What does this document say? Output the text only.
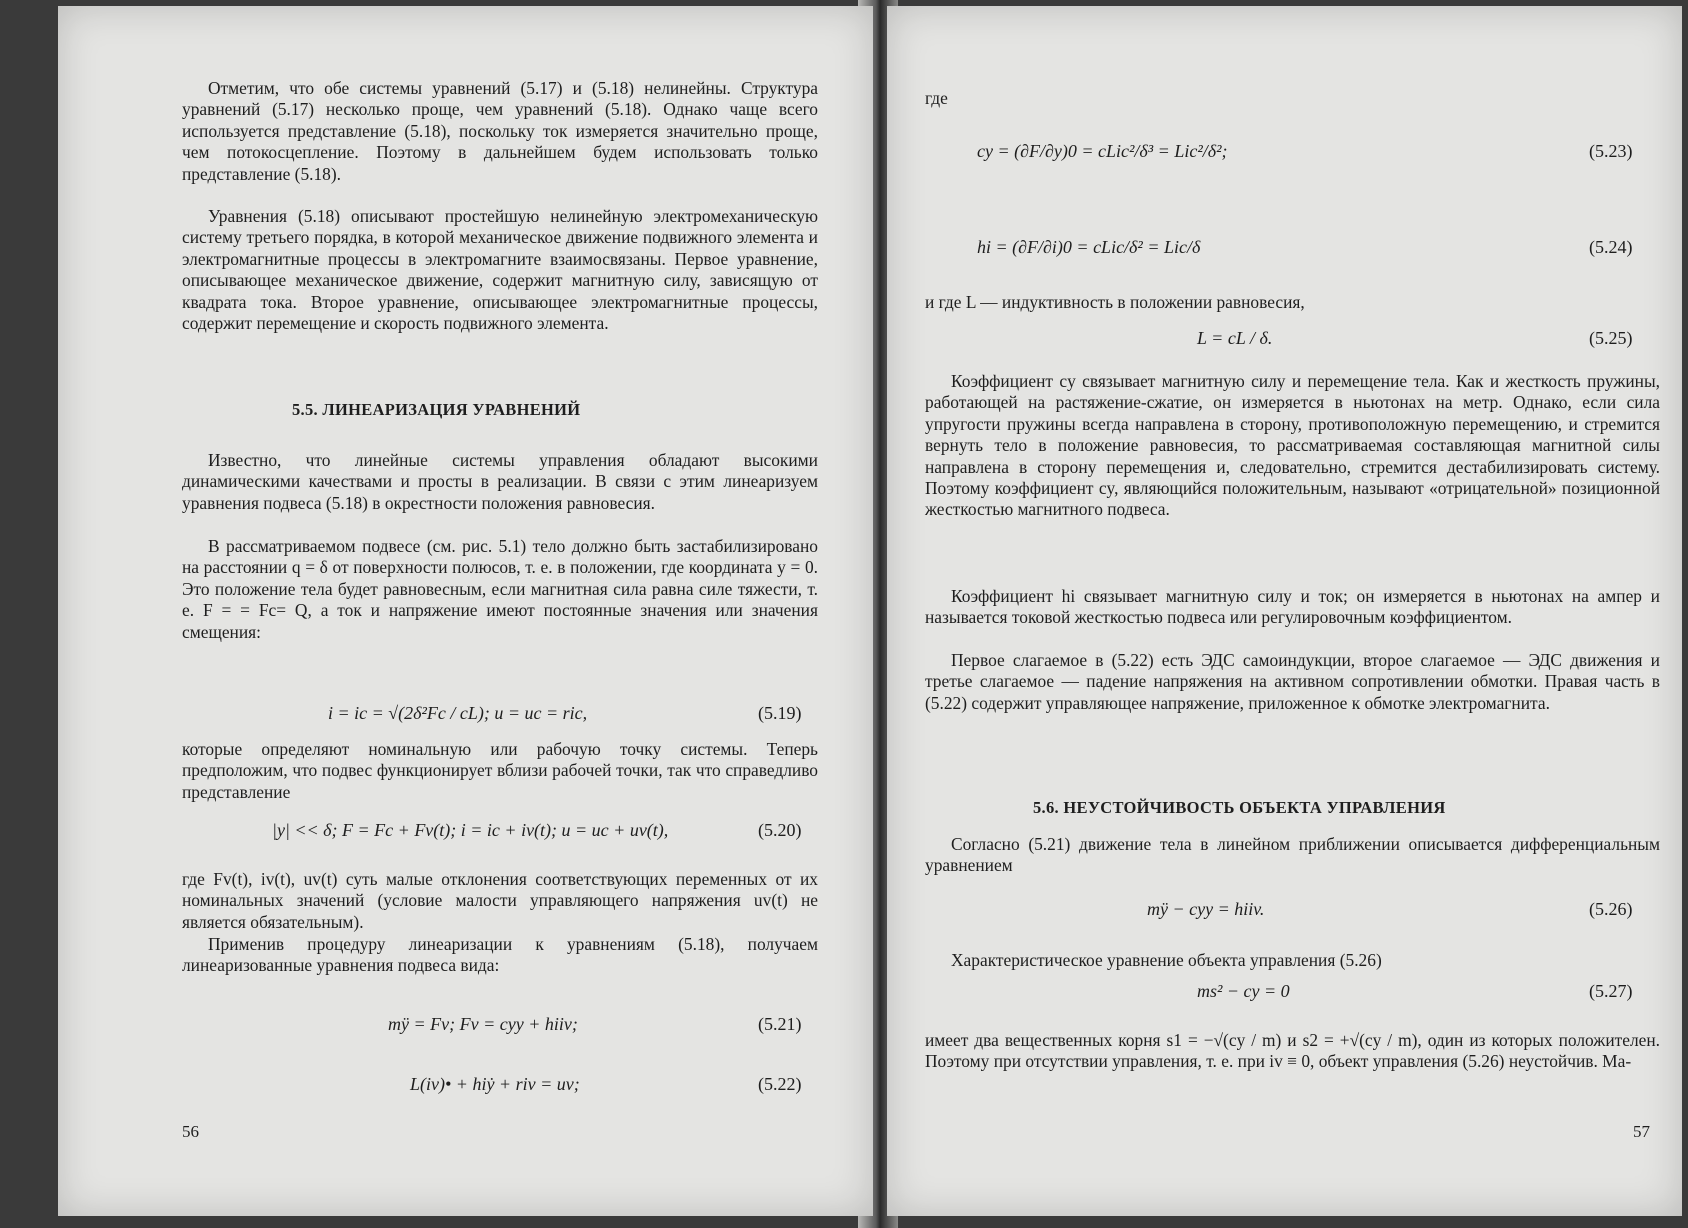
Отметим, что обе системы уравнений (5.17) и (5.18) нелинейны. Структура уравнений (5.17) несколько проще, чем уравнений (5.18). Однако чаще всего используется представление (5.18), поскольку ток измеряется значительно проще, чем потокосцепление. Поэтому в дальнейшем будем использовать только представление (5.18).

Уравнения (5.18) описывают простейшую нелинейную электромеханическую систему третьего порядка, в которой механическое движение подвижного элемента и электромагнитные процессы в электромагните взаимосвязаны. Первое уравнение, описывающее механическое движение, содержит магнитную силу, зависящую от квадрата тока. Второе уравнение, описывающее электромагнитные процессы, содержит перемещение и скорость подвижного элемента.

5.5. ЛИНЕАРИЗАЦИЯ УРАВНЕНИЙ

Известно, что линейные системы управления обладают высокими динамическими качествами и просты в реализации. В связи с этим линеаризуем уравнения подвеса (5.18) в окрестности положения равновесия.

В рассматриваемом подвесе (см. рис. 5.1) тело должно быть застабилизировано на расстоянии q = δ от поверхности полюсов, т. е. в положении, где координата y = 0. Это положение тела будет равновесным, если магнитная сила равна силе тяжести, т. е. F = = Fc= Q, а ток и напряжение имеют постоянные значения или значения смещения:

i = ic = √(2δ²Fc / cL); u = uc = ric,	(5.19)

которые определяют номинальную или рабочую точку системы. Теперь предположим, что подвес функционирует вблизи рабочей точки, так что справедливо представление

|y| << δ; F = Fc + Fv(t); i = ic + iv(t); u = uc + uv(t),	(5.20)

где Fv(t), iv(t), uv(t) суть малые отклонения соответствующих переменных от их номинальных значений (условие малости управляющего напряжения uv(t) не является обязательным).

Применив процедуру линеаризации к уравнениям (5.18), получаем линеаризованные уравнения подвеса вида:

mÿ = Fv; Fv = cyy + hiiv;	(5.21)
L(iv)• + hiẏ + riv = uv;	(5.22)
56
где
cy = (∂F/∂y)0 = cLic²/δ³ = Lic²/δ²;	(5.23)
hi = (∂F/∂i)0 = cLic/δ² = Lic/δ	(5.24)
и где L — индуктивность в положении равновесия,
L = cL / δ.	(5.25)

Коэффициент cy связывает магнитную силу и перемещение тела. Как и жесткость пружины, работающей на растяжение-сжатие, он измеряется в ньютонах на метр. Однако, если сила упругости пружины всегда направлена в сторону, противоположную перемещению, и стремится вернуть тело в положение равновесия, то рассматриваемая составляющая магнитной силы направлена в сторону перемещения и, следовательно, стремится дестабилизировать систему. Поэтому коэффициент cy, являющийся положительным, называют «отрицательной» позиционной жесткостью магнитного подвеса.

Коэффициент hi связывает магнитную силу и ток; он измеряется в ньютонах на ампер и называется токовой жесткостью подвеса или регулировочным коэффициентом.

Первое слагаемое в (5.22) есть ЭДС самоиндукции, второе слагаемое — ЭДС движения и третье слагаемое — падение напряжения на активном сопротивлении обмотки. Правая часть в (5.22) содержит управляющее напряжение, приложенное к обмотке электромагнита.

5.6. НЕУСТОЙЧИВОСТЬ ОБЪЕКТА УПРАВЛЕНИЯ

Согласно (5.21) движение тела в линейном приближении описывается дифференциальным уравнением

mÿ − cyy = hiiv.	(5.26)

Характеристическое уравнение объекта управления (5.26)

ms² − cy = 0	(5.27)

имеет два вещественных корня s1 = −√(cy / m) и s2 = +√(cy / m), один из которых положителен. Поэтому при отсутствии управления, т. е. при iv ≡ 0, объект управления (5.26) неустойчив. Ма-

57
